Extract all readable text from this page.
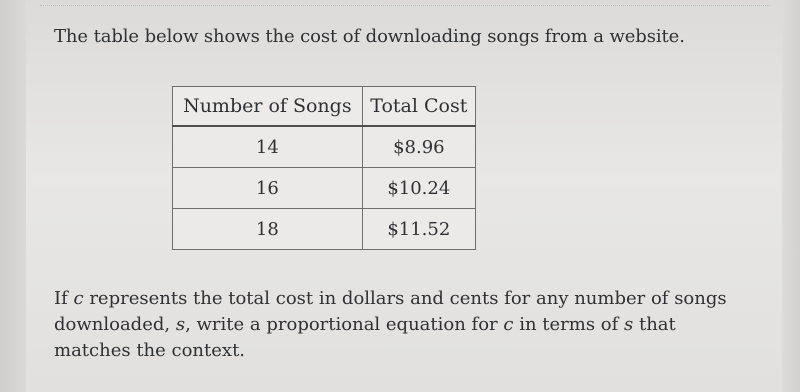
The table below shows the cost of downloading songs from a website.
Number of Songs	Total Cost
14	$8.96
16	$10.24
18	$11.52
If c represents the total cost in dollars and cents for any number of songs downloaded, s, write a proportional equation for c in terms of s that matches the context.
